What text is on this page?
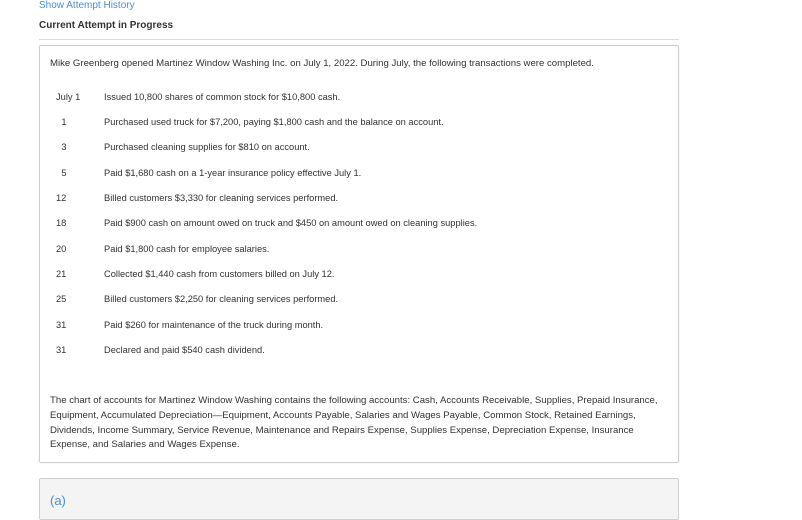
Show Attempt History
Current Attempt in Progress
Mike Greenberg opened Martinez Window Washing Inc. on July 1, 2022. During July, the following transactions were completed.
July 1	Issued 10,800 shares of common stock for $10,800 cash.
1	Purchased used truck for $7,200, paying $1,800 cash and the balance on account.
3	Purchased cleaning supplies for $810 on account.
5	Paid $1,680 cash on a 1-year insurance policy effective July 1.
12	Billed customers $3,330 for cleaning services performed.
18	Paid $900 cash on amount owed on truck and $450 on amount owed on cleaning supplies.
20	Paid $1,800 cash for employee salaries.
21	Collected $1,440 cash from customers billed on July 12.
25	Billed customers $2,250 for cleaning services performed.
31	Paid $260 for maintenance of the truck during month.
31	Declared and paid $540 cash dividend.
The chart of accounts for Martinez Window Washing contains the following accounts: Cash, Accounts Receivable, Supplies, Prepaid Insurance, Equipment, Accumulated Depreciation—Equipment, Accounts Payable, Salaries and Wages Payable, Common Stock, Retained Earnings, Dividends, Income Summary, Service Revenue, Maintenance and Repairs Expense, Supplies Expense, Depreciation Expense, Insurance Expense, and Salaries and Wages Expense.
(a)
